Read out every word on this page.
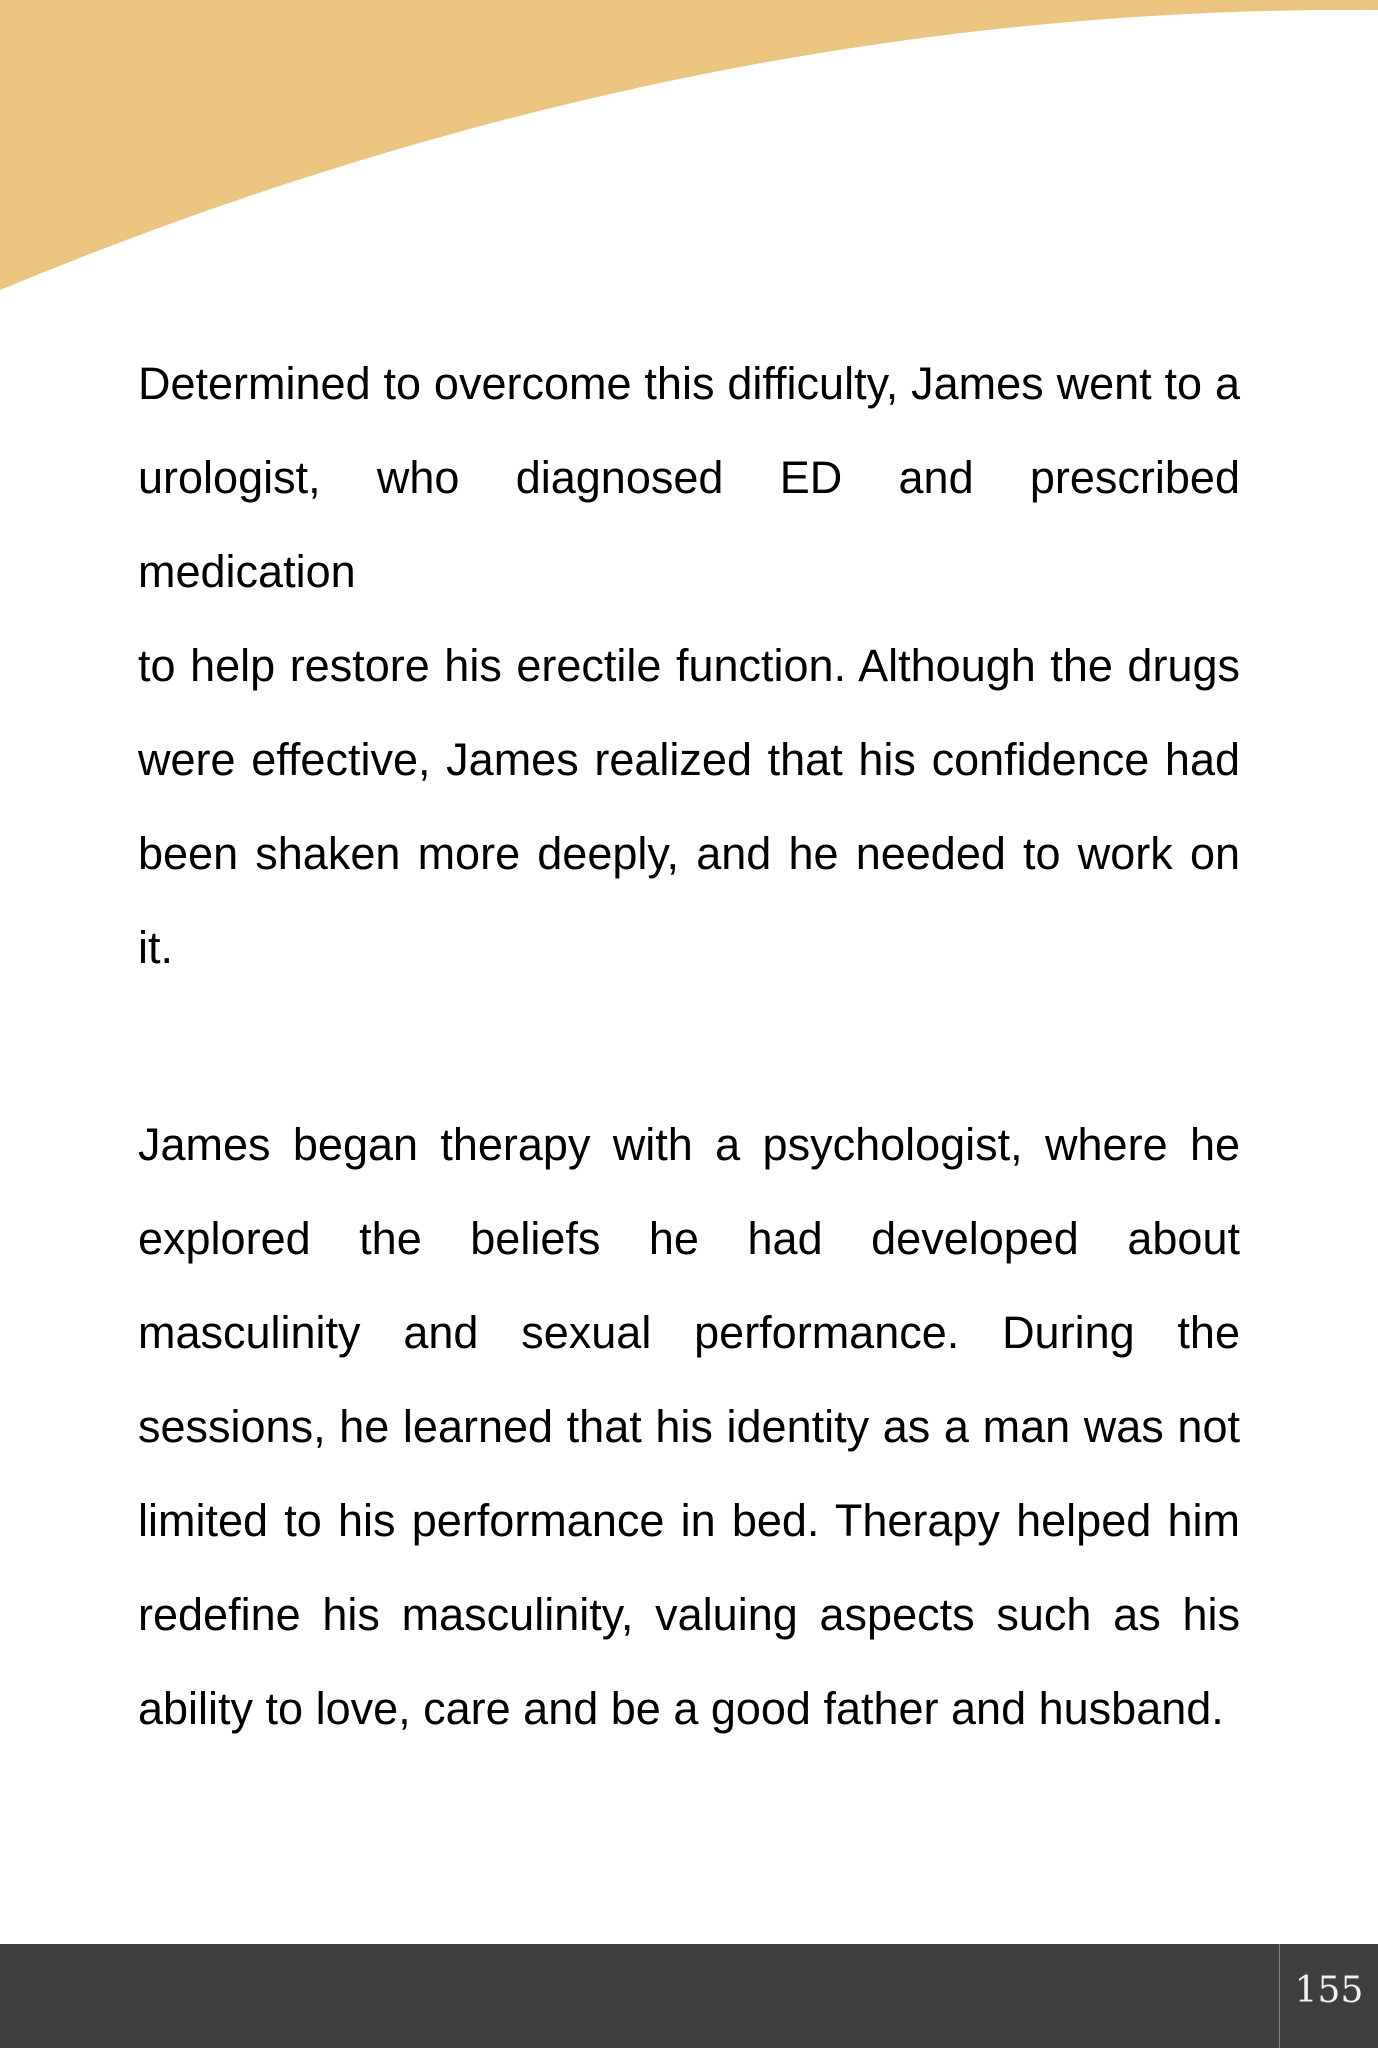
Determined to overcome this difficulty, James went to a
urologist, who diagnosed ED and prescribed medication
to help restore his erectile function. Although the drugs
were effective, James realized that his confidence had
been shaken more deeply, and he needed to work on it.
James began therapy with a psychologist, where he
explored the beliefs he had developed about
masculinity and sexual performance. During the
sessions, he learned that his identity as a man was not
limited to his performance in bed. Therapy helped him
redefine his masculinity, valuing aspects such as his
ability to love, care and be a good father and husband.
155
